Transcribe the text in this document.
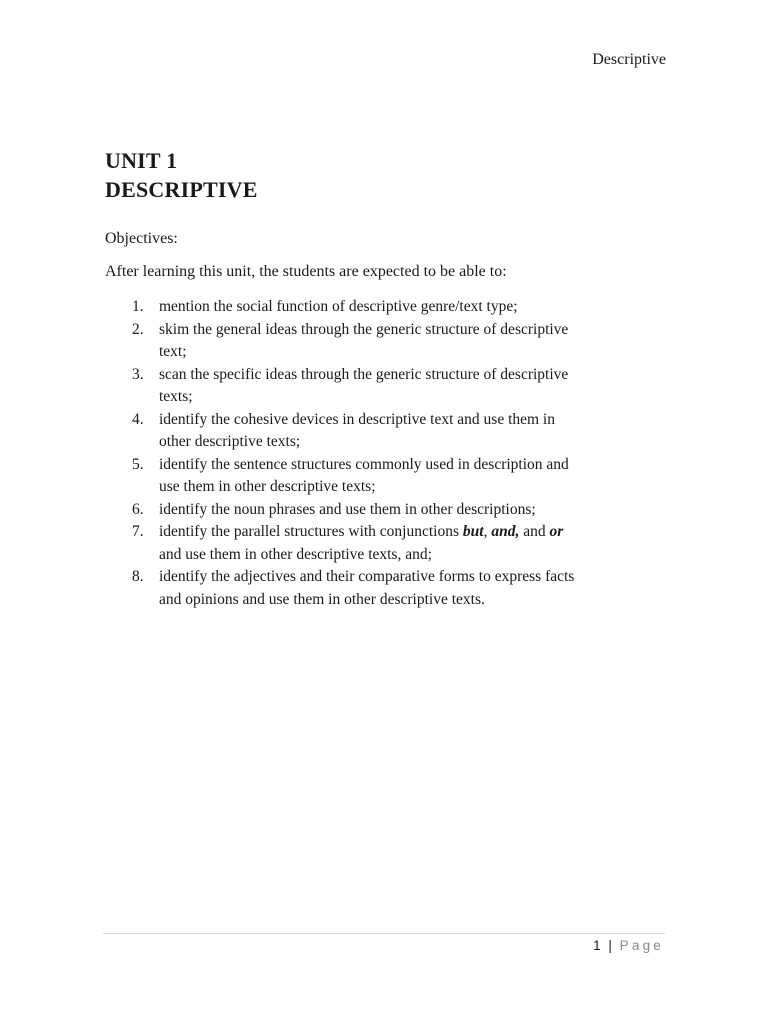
Descriptive
UNIT 1
DESCRIPTIVE
Objectives:
After learning this unit, the students are expected to be able to:
1. mention the social function of descriptive genre/text type;
2. skim the general ideas through the generic structure of descriptive
text;
3. scan the specific ideas through the generic structure of descriptive
texts;
4. identify the cohesive devices in descriptive text and use them in
other descriptive texts;
5. identify the sentence structures commonly used in description and
use them in other descriptive texts;
6. identify the noun phrases and use them in other descriptions;
7. identify the parallel structures with conjunctions but, and, and or
and use them in other descriptive texts, and;
8. identify the adjectives and their comparative forms to express facts
and opinions and use them in other descriptive texts.
1 | Page
